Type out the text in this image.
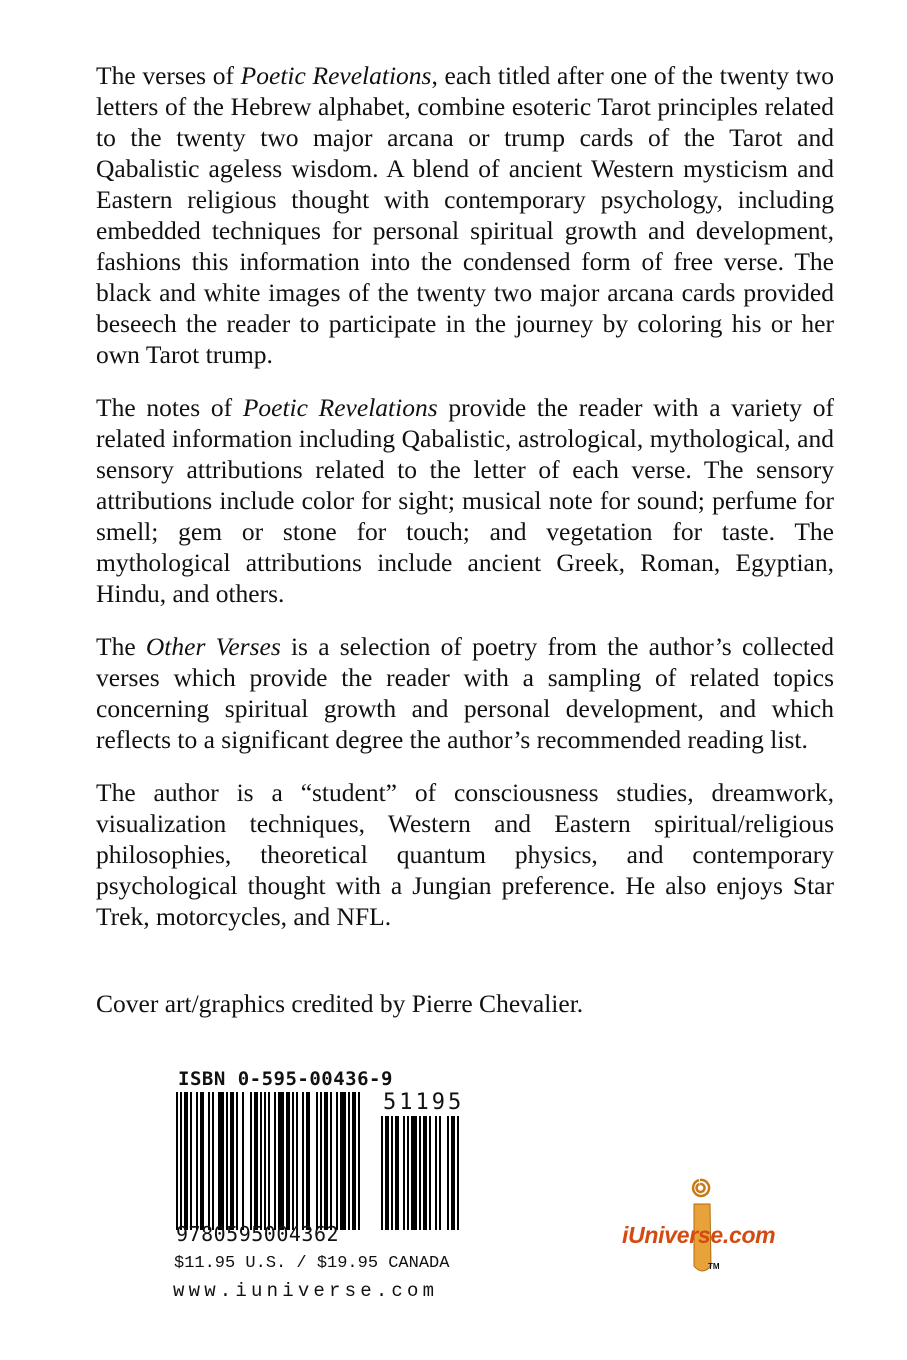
The verses of Poetic Revelations, each titled after one of the twenty two letters of the Hebrew alphabet, combine esoteric Tarot principles related to the twenty two major arcana or trump cards of the Tarot and Qabalistic ageless wisdom. A blend of ancient Western mysticism and Eastern religious thought with contemporary psychology, including embedded techniques for personal spiritual growth and development, fashions this information into the condensed form of free verse. The black and white images of the twenty two major arcana cards provided beseech the reader to participate in the journey by coloring his or her own Tarot trump.

The notes of Poetic Revelations provide the reader with a variety of related information including Qabalistic, astrological, mythological, and sensory attributions related to the letter of each verse. The sensory attributions include color for sight; musical note for sound; perfume for smell; gem or stone for touch; and vegetation for taste. The mythological attributions include ancient Greek, Roman, Egyptian, Hindu, and others.

The Other Verses is a selection of poetry from the author’s collected verses which provide the reader with a sampling of related topics concerning spiritual growth and personal development, and which reflects to a significant degree the author’s recommended reading list.

The author is a “student” of consciousness studies, dreamwork, visualization techniques, Western and Eastern spiritual/religious philosophies, theoretical quantum physics, and contemporary psychological thought with a Jungian preference. He also enjoys Star Trek, motorcycles, and NFL.

Cover art/graphics credited by Pierre Chevalier.
ISBN 0-595-00436-9
51195
9780595004362
$11.95 U.S. / $19.95 CANADA
www.iuniverse.com
iUniverse.com
TM
